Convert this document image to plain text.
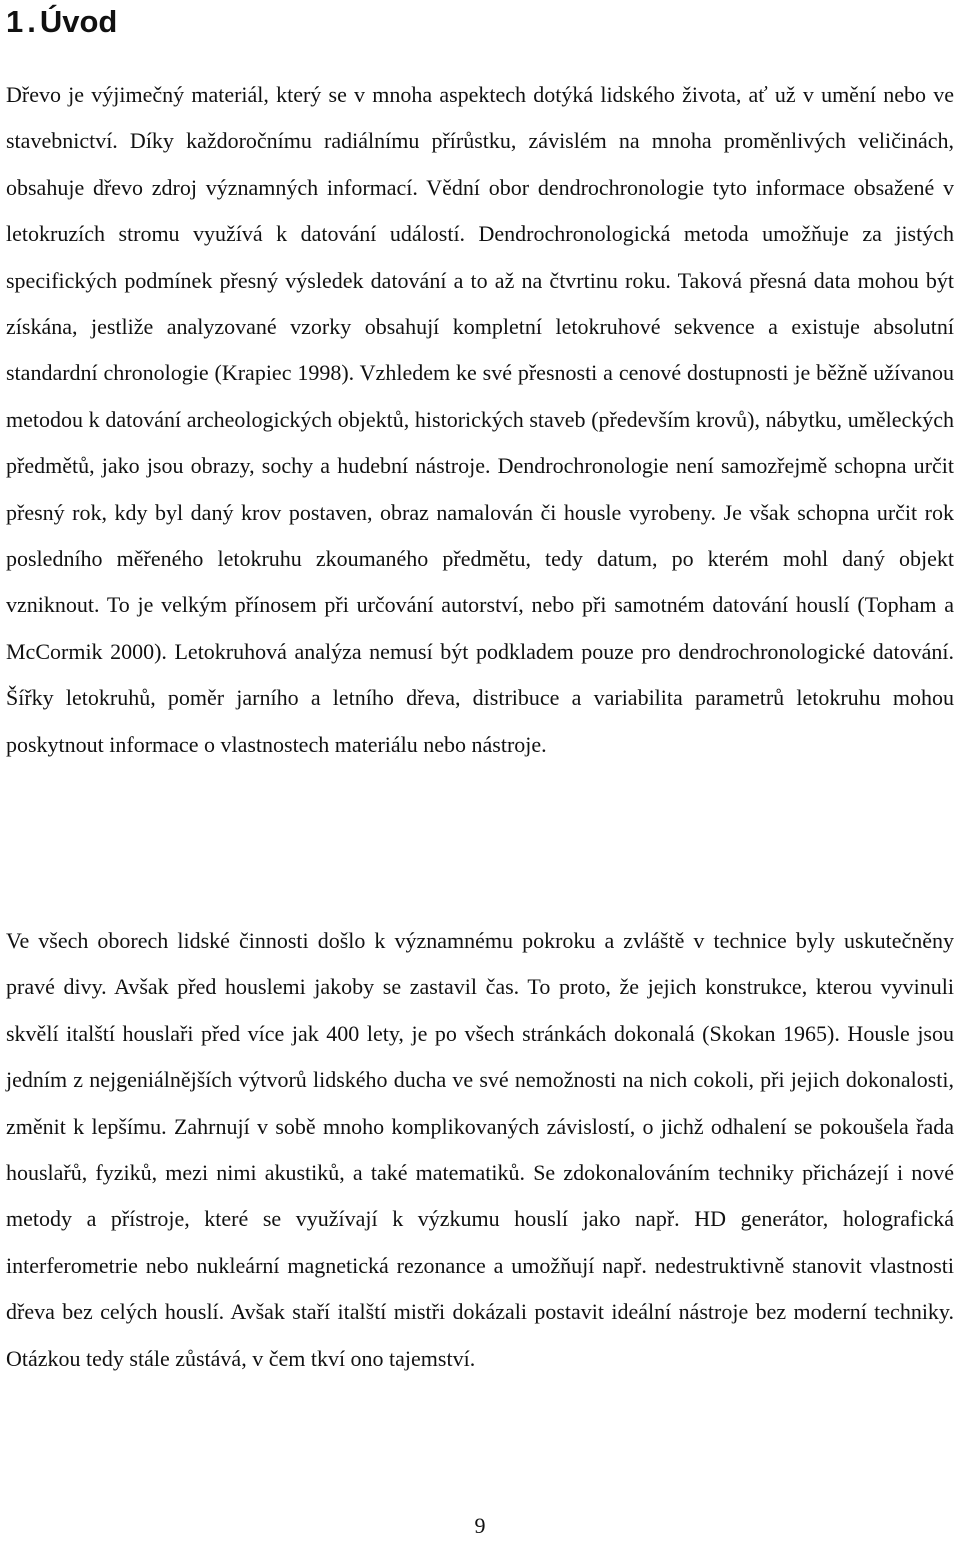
1.Úvod

Dřevo je výjimečný materiál, který se v mnoha aspektech dotýká lidského života, ať už v umění nebo ve stavebnictví. Díky každoročnímu radiálnímu přírůstku, závislém na mnoha proměnlivých veličinách, obsahuje dřevo zdroj významných informací. Vědní obor dendrochronologie tyto informace obsažené v letokruzích stromu využívá k datování událostí. Dendrochronologická metoda umožňuje za jistých specifických podmínek přesný výsledek datování a to až na čtvrtinu roku. Taková přesná data mohou být získána, jestliže analyzované vzorky obsahují kompletní letokruhové sekvence a existuje absolutní standardní chronologie (Krapiec 1998). Vzhledem ke své přesnosti a cenové dostupnosti je běžně užívanou metodou k datování archeologických objektů, historických staveb (především krovů), nábytku, uměleckých předmětů, jako jsou obrazy, sochy a hudební nástroje. Dendrochronologie není samozřejmě schopna určit přesný rok, kdy byl daný krov postaven, obraz namalován či housle vyrobeny. Je však schopna určit rok posledního měřeného letokruhu zkoumaného předmětu, tedy datum, po kterém mohl daný objekt vzniknout. To je velkým přínosem při určování autorství, nebo při samotném datování houslí (Topham a McCormik 2000). Letokruhová analýza nemusí být podkladem pouze pro dendrochronologické datování. Šířky letokruhů, poměr jarního a letního dřeva, distribuce a variabilita parametrů letokruhu mohou poskytnout informace o vlastnostech materiálu nebo nástroje.

Ve všech oborech lidské činnosti došlo k významnému pokroku a zvláště v technice byly uskutečněny pravé divy. Avšak před houslemi jakoby se zastavil čas. To proto, že jejich konstrukce, kterou vyvinuli skvělí italští houslaři před více jak 400 lety, je po všech stránkách dokonalá (Skokan 1965). Housle jsou jedním z nejgeniálnějších výtvorů lidského ducha ve své nemožnosti na nich cokoli, při jejich dokonalosti, změnit k lepšímu. Zahrnují v sobě mnoho komplikovaných závislostí, o jichž odhalení se pokoušela řada houslařů, fyziků, mezi nimi akustiků, a také matematiků. Se zdokonalováním techniky přicházejí i nové metody a přístroje, které se využívají k výzkumu houslí jako např. HD generátor, holografická interferometrie nebo nukleární magnetická rezonance a umožňují např. nedestruktivně stanovit vlastnosti dřeva bez celých houslí. Avšak staří italští mistři dokázali postavit ideální nástroje bez moderní techniky. Otázkou tedy stále zůstává, v čem tkví ono tajemství.

9
